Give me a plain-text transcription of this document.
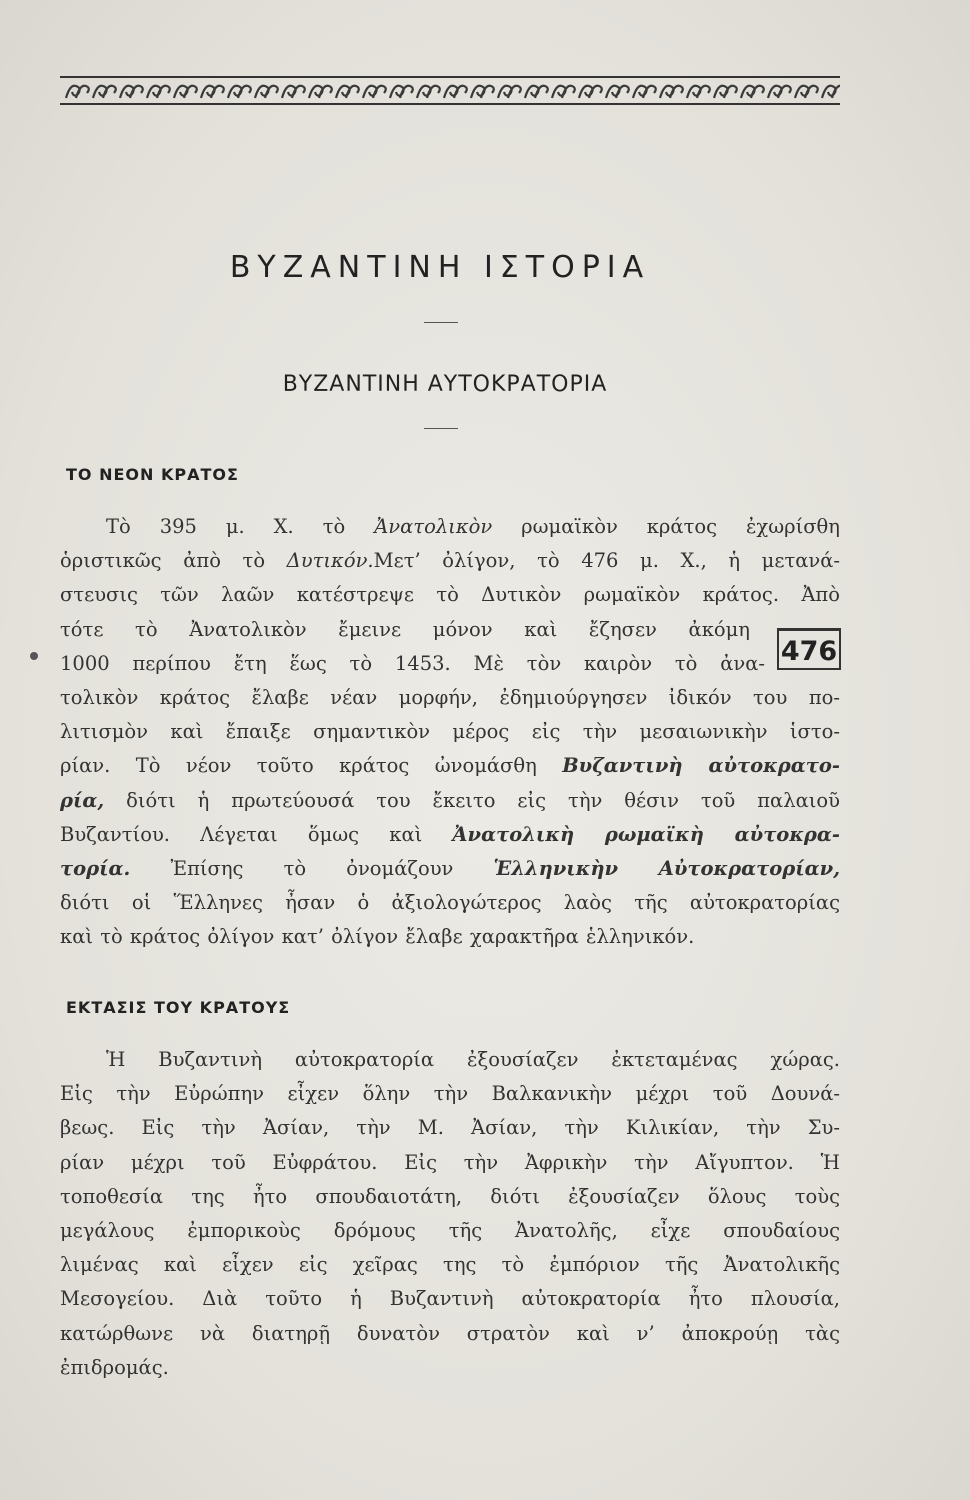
ΒΥΖΑΝΤΙΝΗ ΙΣΤΟΡΙΑ
ΒΥΖΑΝΤΙΝΗ ΑΥΤΟΚΡΑΤΟΡΙΑ
ΤΟ ΝΕΟΝ ΚΡΑΤΟΣ
Τὸ 395 μ. Χ. τὸ Ἀνατολικὸν ρωμαϊκὸν κράτος ἐχωρίσθη
ὁριστικῶς ἀπὸ τὸ Δυτικόν.Μετ’ ὀλίγον, τὸ 476 μ. Χ., ἡ μετανά-
στευσις τῶν λαῶν κατέστρεψε τὸ Δυτικὸν ρωμαϊκὸν κράτος. Ἀπὸ
τότε τὸ Ἀνατολικὸν ἔμεινε μόνον καὶ ἔζησεν ἀκόμη
1000 περίπου ἔτη ἕως τὸ 1453. Μὲ τὸν καιρὸν τὸ ἀνα-
τολικὸν κράτος ἔλαβε νέαν μορφήν, ἐδημιούργησεν ἰδικόν του πο-
λιτισμὸν καὶ ἔπαιξε σημαντικὸν μέρος εἰς τὴν μεσαιωνικὴν ἱστο-
ρίαν. Τὸ νέον τοῦτο κράτος ὠνομάσθη Βυζαντινὴ αὐτοκρατο-
ρία, διότι ἡ πρωτεύουσά του ἔκειτο εἰς τὴν θέσιν τοῦ παλαιοῦ
Βυζαντίου. Λέγεται ὅμως καὶ Ἀνατολικὴ ρωμαϊκὴ αὐτοκρα-
τορία. Ἐπίσης τὸ ὀνομάζουν Ἑλληνικὴν Αὐτοκρατορίαν,
διότι οἱ Ἕλληνες ἦσαν ὁ ἀξιολογώτερος λαὸς τῆς αὐτοκρατορίας
καὶ τὸ κράτος ὀλίγον κατ’ ὀλίγον ἔλαβε χαρακτῆρα ἑλληνικόν.
476
ΕΚΤΑΣΙΣ ΤΟΥ ΚΡΑΤΟΥΣ
Ἡ Βυζαντινὴ αὐτοκρατορία ἐξουσίαζεν ἐκτεταμένας χώρας.
Εἰς τὴν Εὐρώπην εἶχεν ὅλην τὴν Βαλκανικὴν μέχρι τοῦ Δουνά-
βεως. Εἰς τὴν Ἀσίαν, τὴν Μ. Ἀσίαν, τὴν Κιλικίαν, τὴν Συ-
ρίαν μέχρι τοῦ Εὐφράτου. Εἰς τὴν Ἀφρικὴν τὴν Αἴγυπτον. Ἡ
τοποθεσία της ἦτο σπουδαιοτάτη, διότι ἐξουσίαζεν ὅλους τοὺς
μεγάλους ἐμπορικοὺς δρόμους τῆς Ἀνατολῆς, εἶχε σπουδαίους
λιμένας καὶ εἶχεν εἰς χεῖρας της τὸ ἐμπόριον τῆς Ἀνατολικῆς
Μεσογείου. Διὰ τοῦτο ἡ Βυζαντινὴ αὐτοκρατορία ἦτο πλουσία,
κατώρθωνε νὰ διατηρῇ δυνατὸν στρατὸν καὶ ν’ ἀποκρούῃ τὰς
ἐπιδρομάς.
